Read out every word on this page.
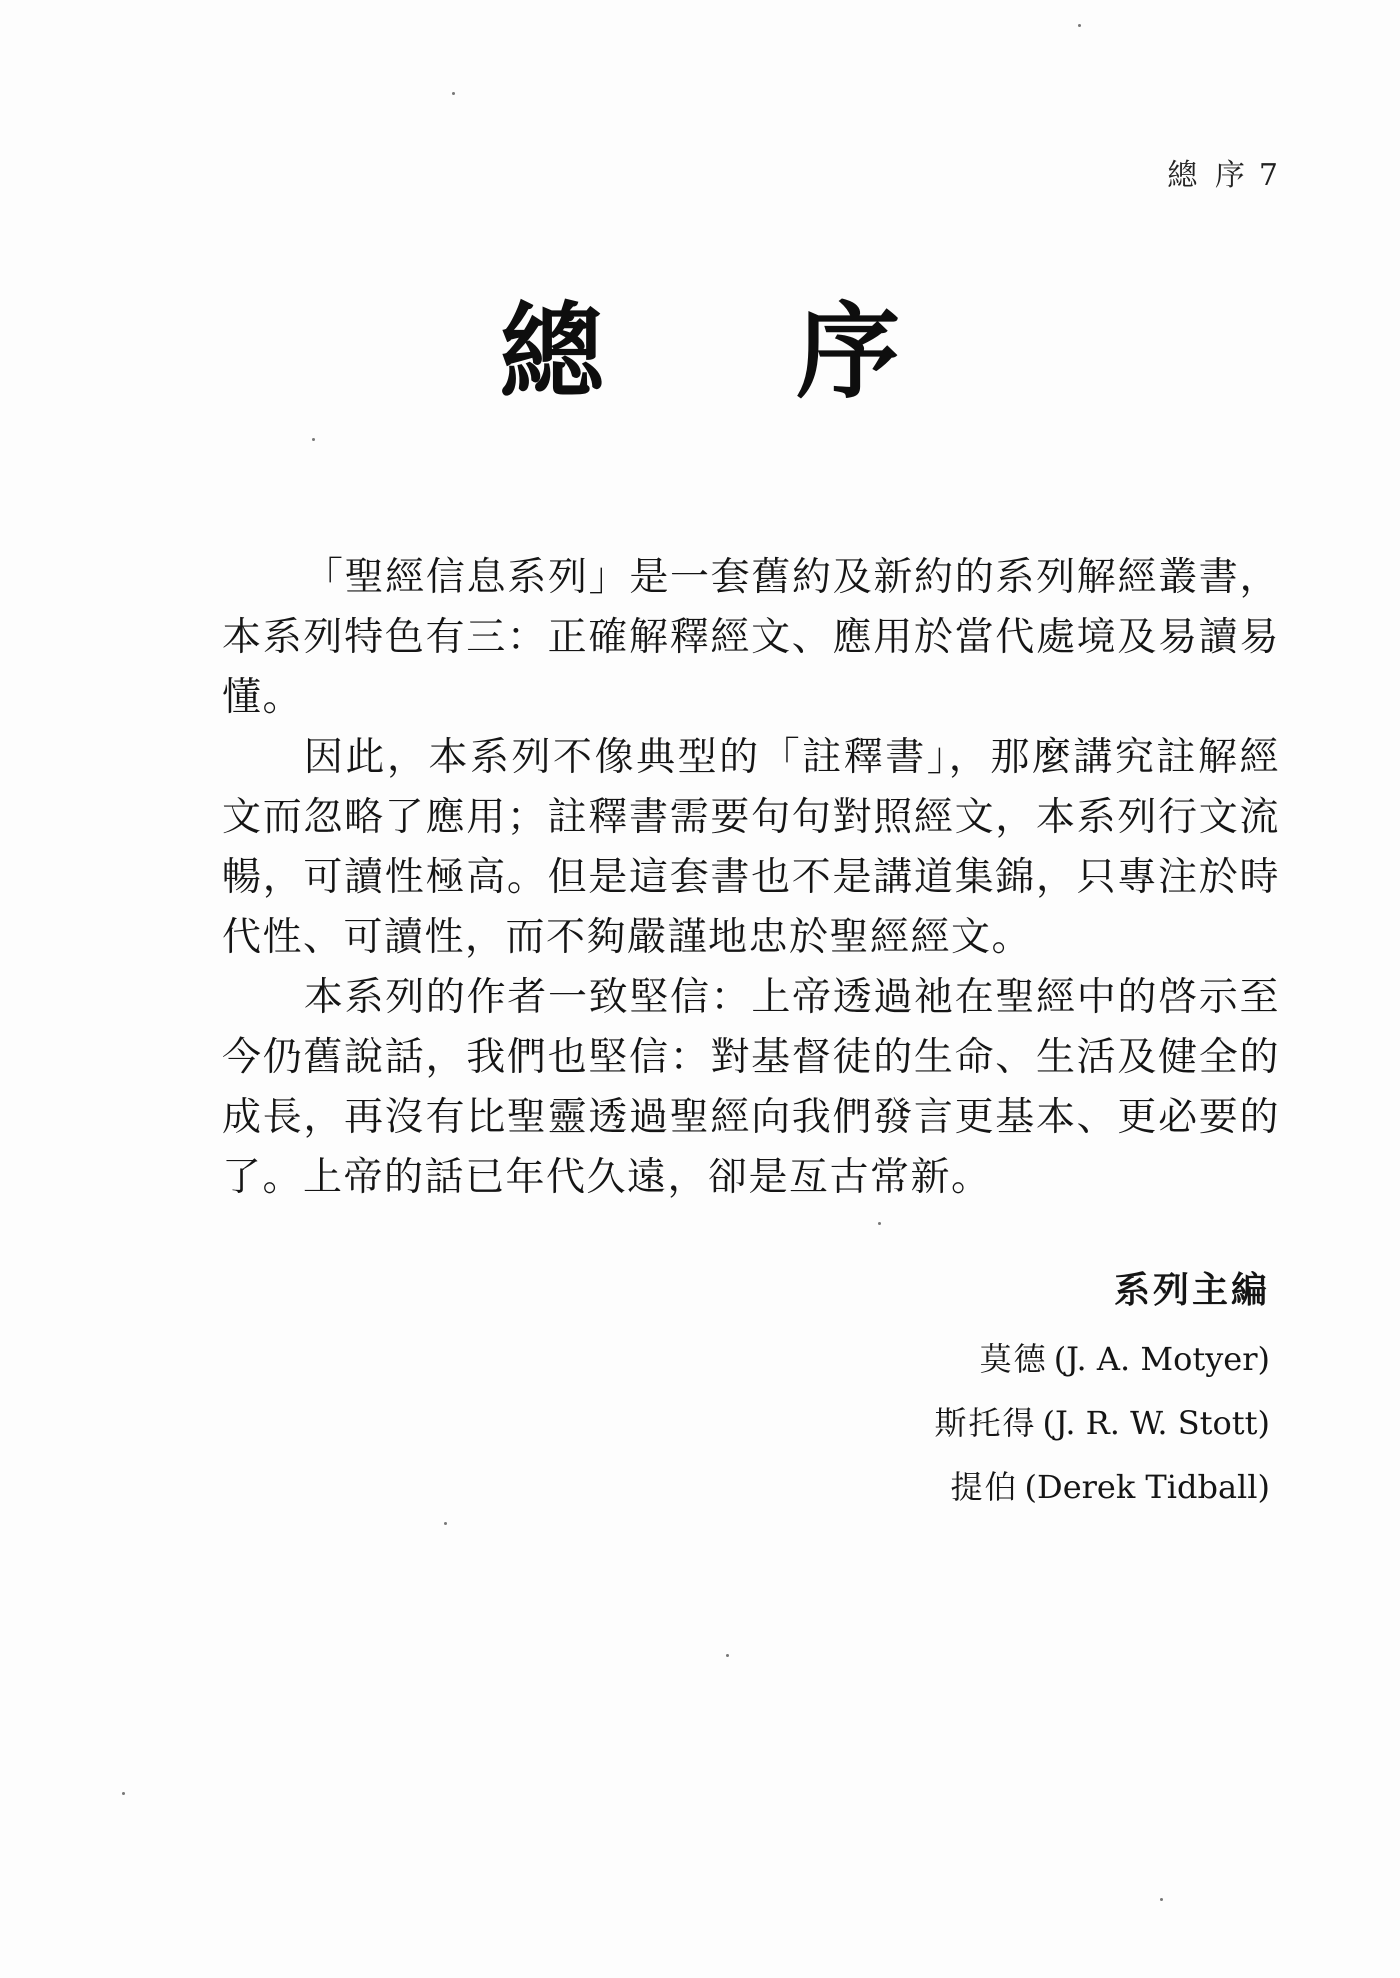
總 序 7
總 序

「聖經信息系列」是一套舊約及新約的系列解經叢書，本系列特色有三：正確解釋經文、應用於當代處境及易讀易懂。

因此，本系列不像典型的「註釋書」，那麼講究註解經文而忽略了應用；註釋書需要句句對照經文，本系列行文流暢，可讀性極高。但是這套書也不是講道集錦，只專注於時代性、可讀性，而不夠嚴謹地忠於聖經經文。

本系列的作者一致堅信：上帝透過祂在聖經中的啓示至今仍舊說話，我們也堅信：對基督徒的生命、生活及健全的成長，再沒有比聖靈透過聖經向我們發言更基本、更必要的了。上帝的話已年代久遠，卻是亙古常新。

系列主編
莫德 (J. A. Motyer)
斯托得 (J. R. W. Stott)
提伯 (Derek Tidball)
